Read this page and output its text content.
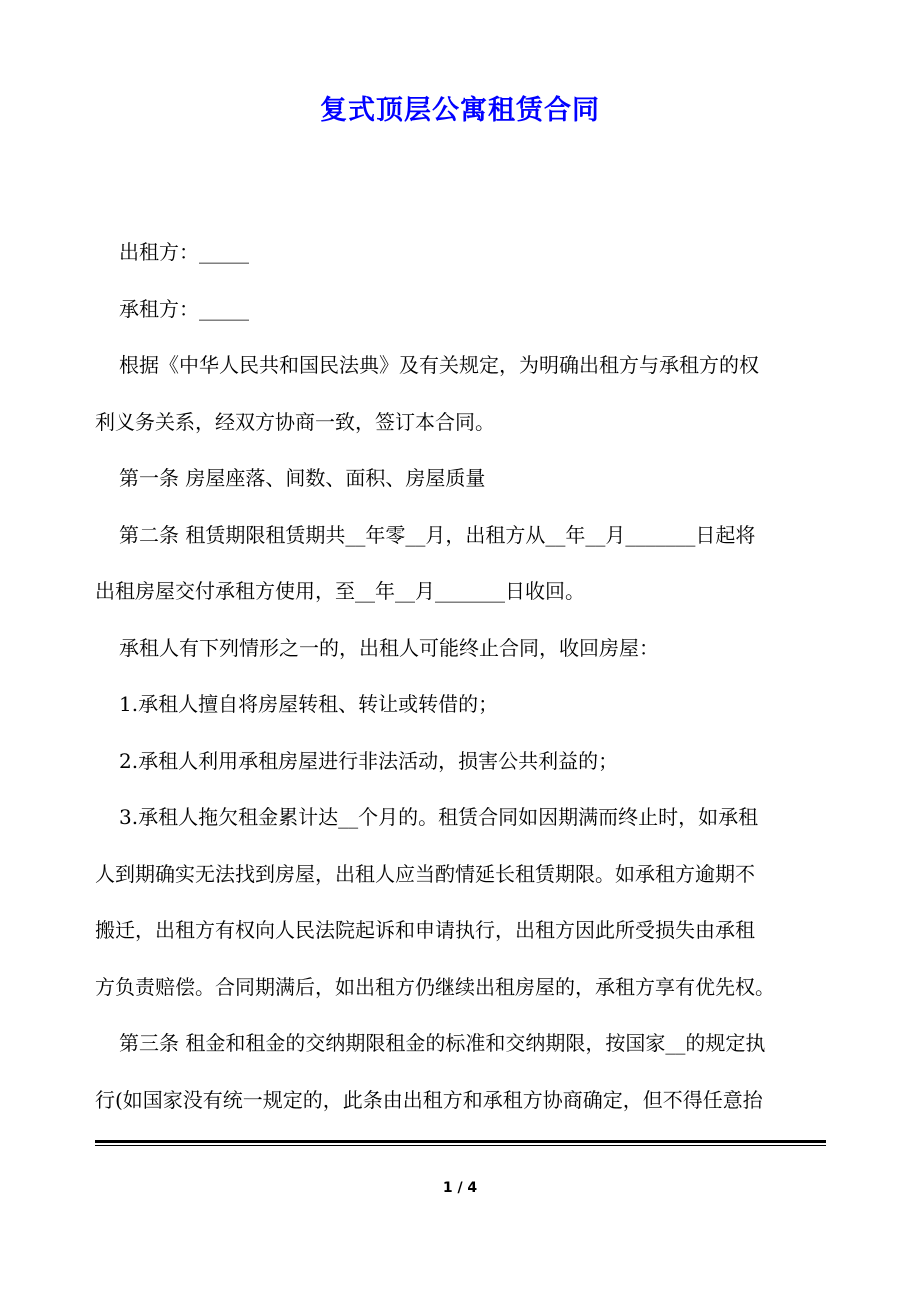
复式顶层公寓租赁合同
出租方：_____
承租方：_____
根据《中华人民共和国民法典》及有关规定，为明确出租方与承租方的权
利义务关系，经双方协商一致，签订本合同。
第一条 房屋座落、间数、面积、房屋质量
第二条 租赁期限租赁期共__年零__月，出租方从__年__月_______日起将
出租房屋交付承租方使用，至__年__月_______日收回。
承租人有下列情形之一的，出租人可能终止合同，收回房屋：
1.承租人擅自将房屋转租、转让或转借的；
2.承租人利用承租房屋进行非法活动，损害公共利益的；
3.承租人拖欠租金累计达__个月的。租赁合同如因期满而终止时，如承租
人到期确实无法找到房屋，出租人应当酌情延长租赁期限。如承租方逾期不
搬迁，出租方有权向人民法院起诉和申请执行，出租方因此所受损失由承租
方负责赔偿。合同期满后，如出租方仍继续出租房屋的，承租方享有优先权。
第三条 租金和租金的交纳期限租金的标准和交纳期限，按国家__的规定执
行(如国家没有统一规定的，此条由出租方和承租方协商确定，但不得任意抬
1 / 4
